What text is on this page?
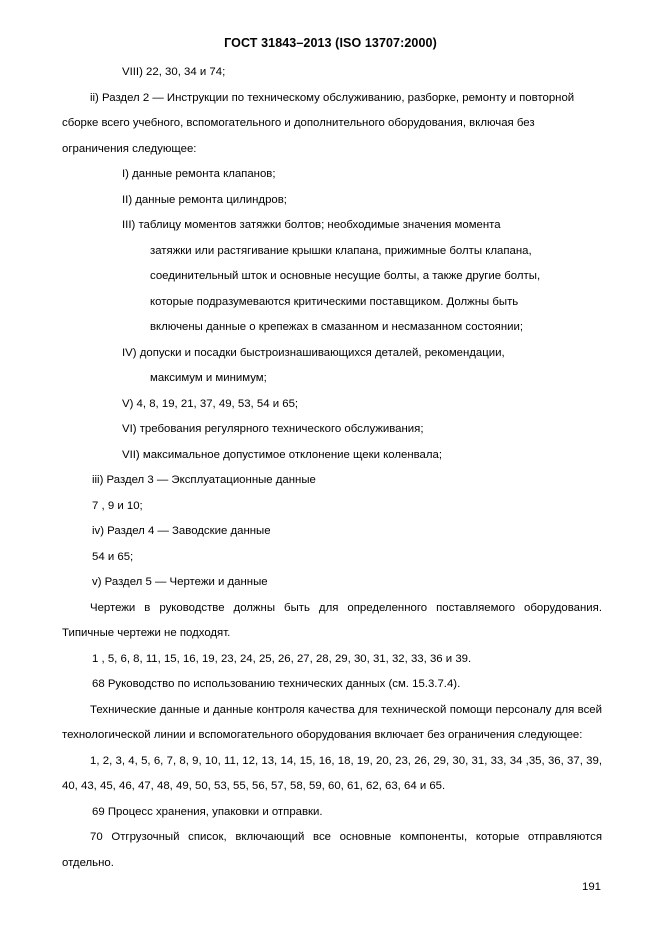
ГОСТ 31843–2013 (ISO 13707:2000)

VIII) 22, 30, 34 и 74;

ii) Раздел 2 — Инструкции по техническому обслуживанию, разборке, ремонту и повторной сборке всего учебного, вспомогательного и дополнительного оборудования, включая без ограничения следующее:

I) данные ремонта клапанов;

II) данные ремонта цилиндров;

III) таблицу моментов затяжки болтов; необходимые значения момента

затяжки или растягивание крышки клапана, прижимные болты клапана,

соединительный шток и основные несущие болты, а также другие болты,

которые подразумеваются критическими поставщиком. Должны быть

включены данные о крепежах в смазанном и несмазанном состоянии;

IV) допуски и посадки быстроизнашивающихся деталей, рекомендации,

максимум и минимум;

V) 4, 8, 19, 21, 37, 49, 53, 54 и 65;

VI) требования регулярного технического обслуживания;

VII) максимальное допустимое отклонение щеки коленвала;

iii) Раздел 3 — Эксплуатационные данные

7 , 9 и 10;

iv) Раздел 4 — Заводские данные

54 и 65;

v) Раздел 5 — Чертежи и данные

Чертежи в руководстве должны быть для определенного поставляемого оборудования. Типичные чертежи не подходят.

1 , 5, 6, 8, 11, 15, 16, 19, 23, 24, 25, 26, 27, 28, 29, 30, 31, 32, 33, 36 и 39.

68 Руководство по использованию технических данных (см. 15.3.7.4).

Технические данные и данные контроля качества для технической помощи персоналу для всей технологической линии и вспомогательного оборудования включает без ограничения следующее:

1, 2, 3, 4, 5, 6, 7, 8, 9, 10, 11, 12, 13, 14, 15, 16, 18, 19, 20, 23, 26, 29, 30, 31, 33, 34 ,35, 36, 37, 39, 40, 43, 45, 46, 47, 48, 49, 50, 53, 55, 56, 57, 58, 59, 60, 61, 62, 63, 64 и 65.

69 Процесс хранения, упаковки и отправки.

70 Отгрузочный список, включающий все основные компоненты, которые отправляются отдельно.

191
